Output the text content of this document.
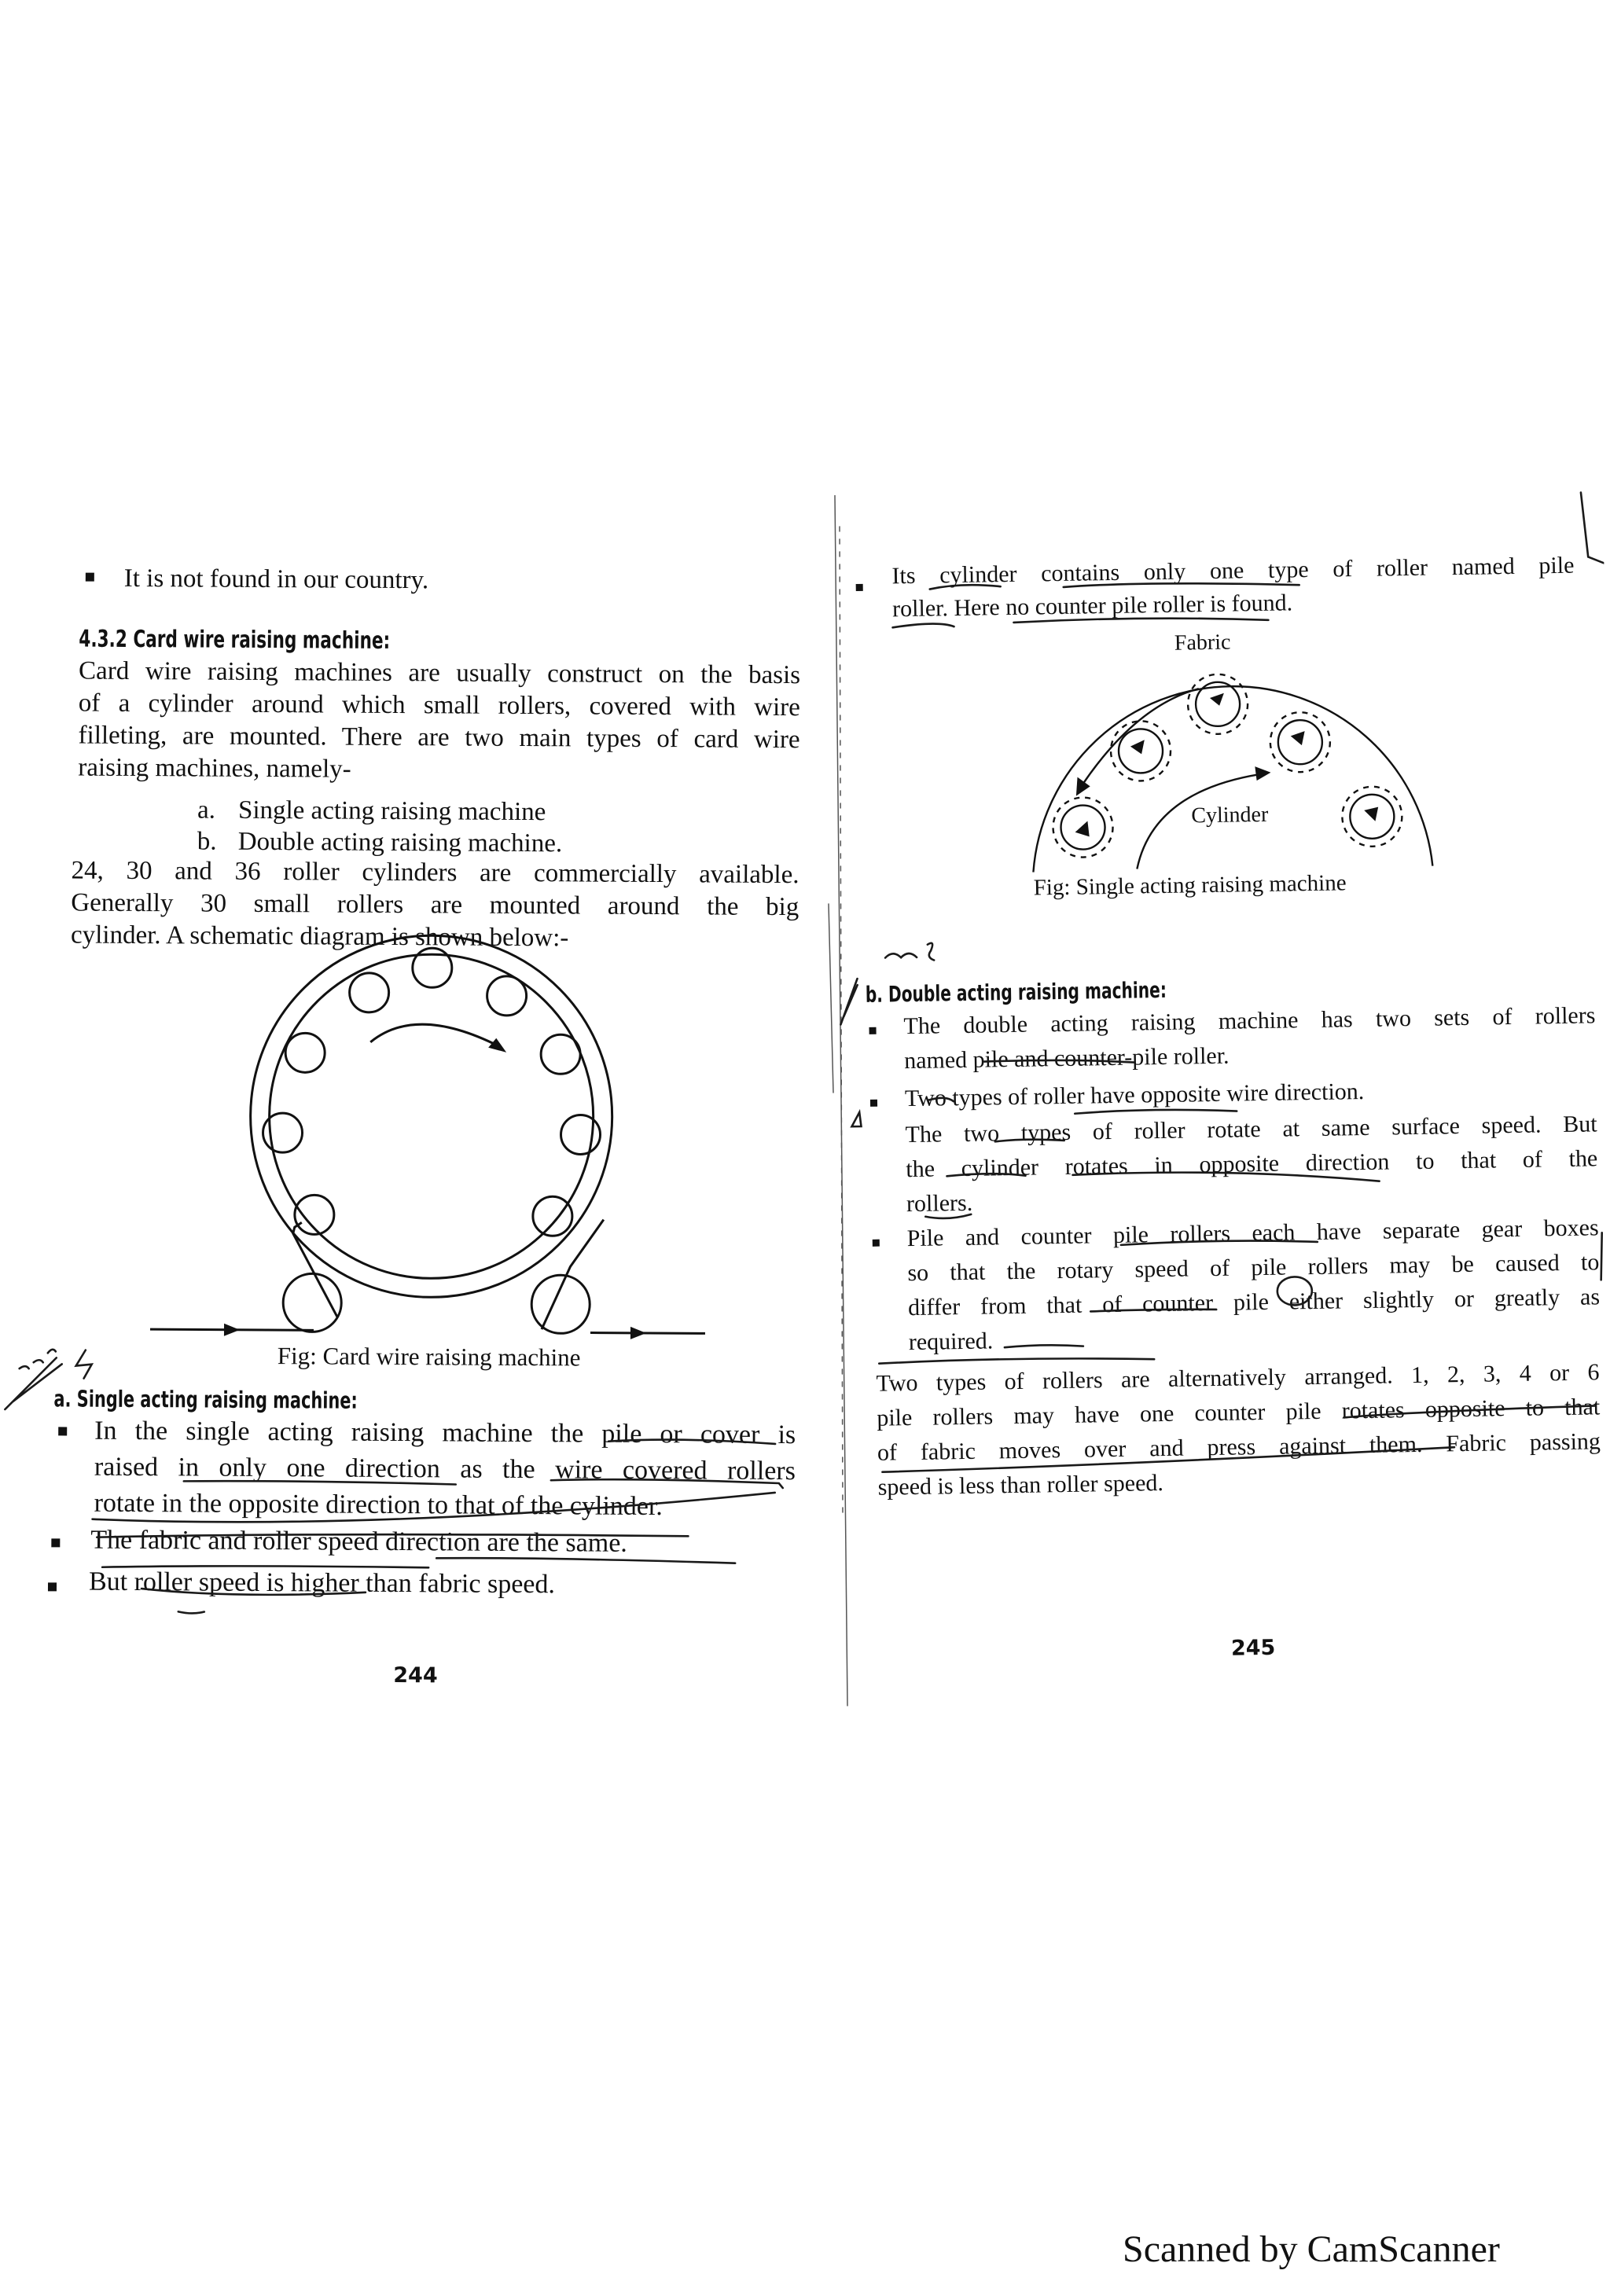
It is not found in our country.
4.3.2 Card wire raising machine:
Card wire raising machines are usually construct on the basis
of a cylinder around which small rollers, covered with wire
filleting, are mounted. There are two main types of card wire
raising machines, namely-
a. Single acting raising machine
b. Double acting raising machine.
24, 30 and 36 roller cylinders are commercially available.
Generally 30 small rollers are mounted around the big
cylinder. A schematic diagram is shown below:-
Fig: Card wire raising machine
a. Single acting raising machine:
In the single acting raising machine the pile or cover is
raised in only one direction as the wire covered rollers
rotate in the opposite direction to that of the cylinder.
The fabric and roller speed direction are the same.
But roller speed is higher than fabric speed.
244
Its cylinder contains only one type of roller named pile
roller. Here no counter pile roller is found.
Fabric
Cylinder
Fig: Single acting raising machine
b. Double acting raising machine:
The double acting raising machine has two sets of rollers
named pile and counter-pile roller.
Two types of roller have opposite wire direction.
The two types of roller rotate at same surface speed. But
the cylinder rotates in opposite direction to that of the
rollers.
Pile and counter pile rollers each have separate gear boxes
so that the rotary speed of pile rollers may be caused to
differ from that of counter pile either slightly or greatly as
required.
Two types of rollers are alternatively arranged. 1, 2, 3, 4 or 6
pile rollers may have one counter pile rotates opposite to that
of fabric moves over and press against them. Fabric passing
speed is less than roller speed.
245
Scanned by CamScanner
